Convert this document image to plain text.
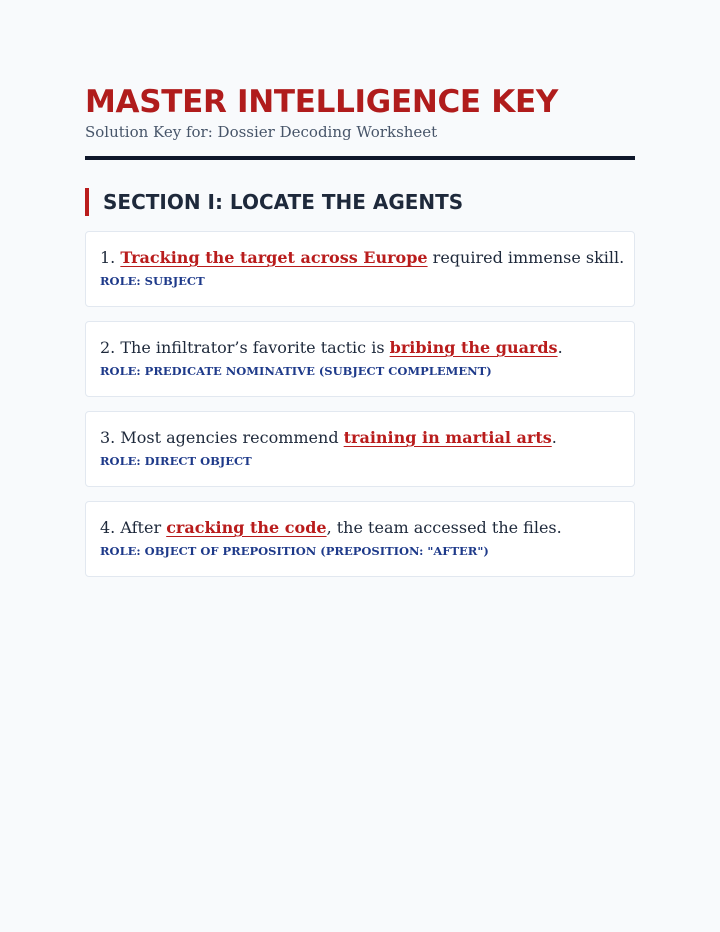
MASTER INTELLIGENCE KEY
Solution Key for: Dossier Decoding Worksheet
SECTION I: LOCATE THE AGENTS
1. Tracking the target across Europe required immense skill.
ROLE: SUBJECT
2. The infiltrator’s favorite tactic is bribing the guards.
ROLE: PREDICATE NOMINATIVE (SUBJECT COMPLEMENT)
3. Most agencies recommend training in martial arts.
ROLE: DIRECT OBJECT
4. After cracking the code, the team accessed the files.
ROLE: OBJECT OF PREPOSITION (PREPOSITION: "AFTER")
